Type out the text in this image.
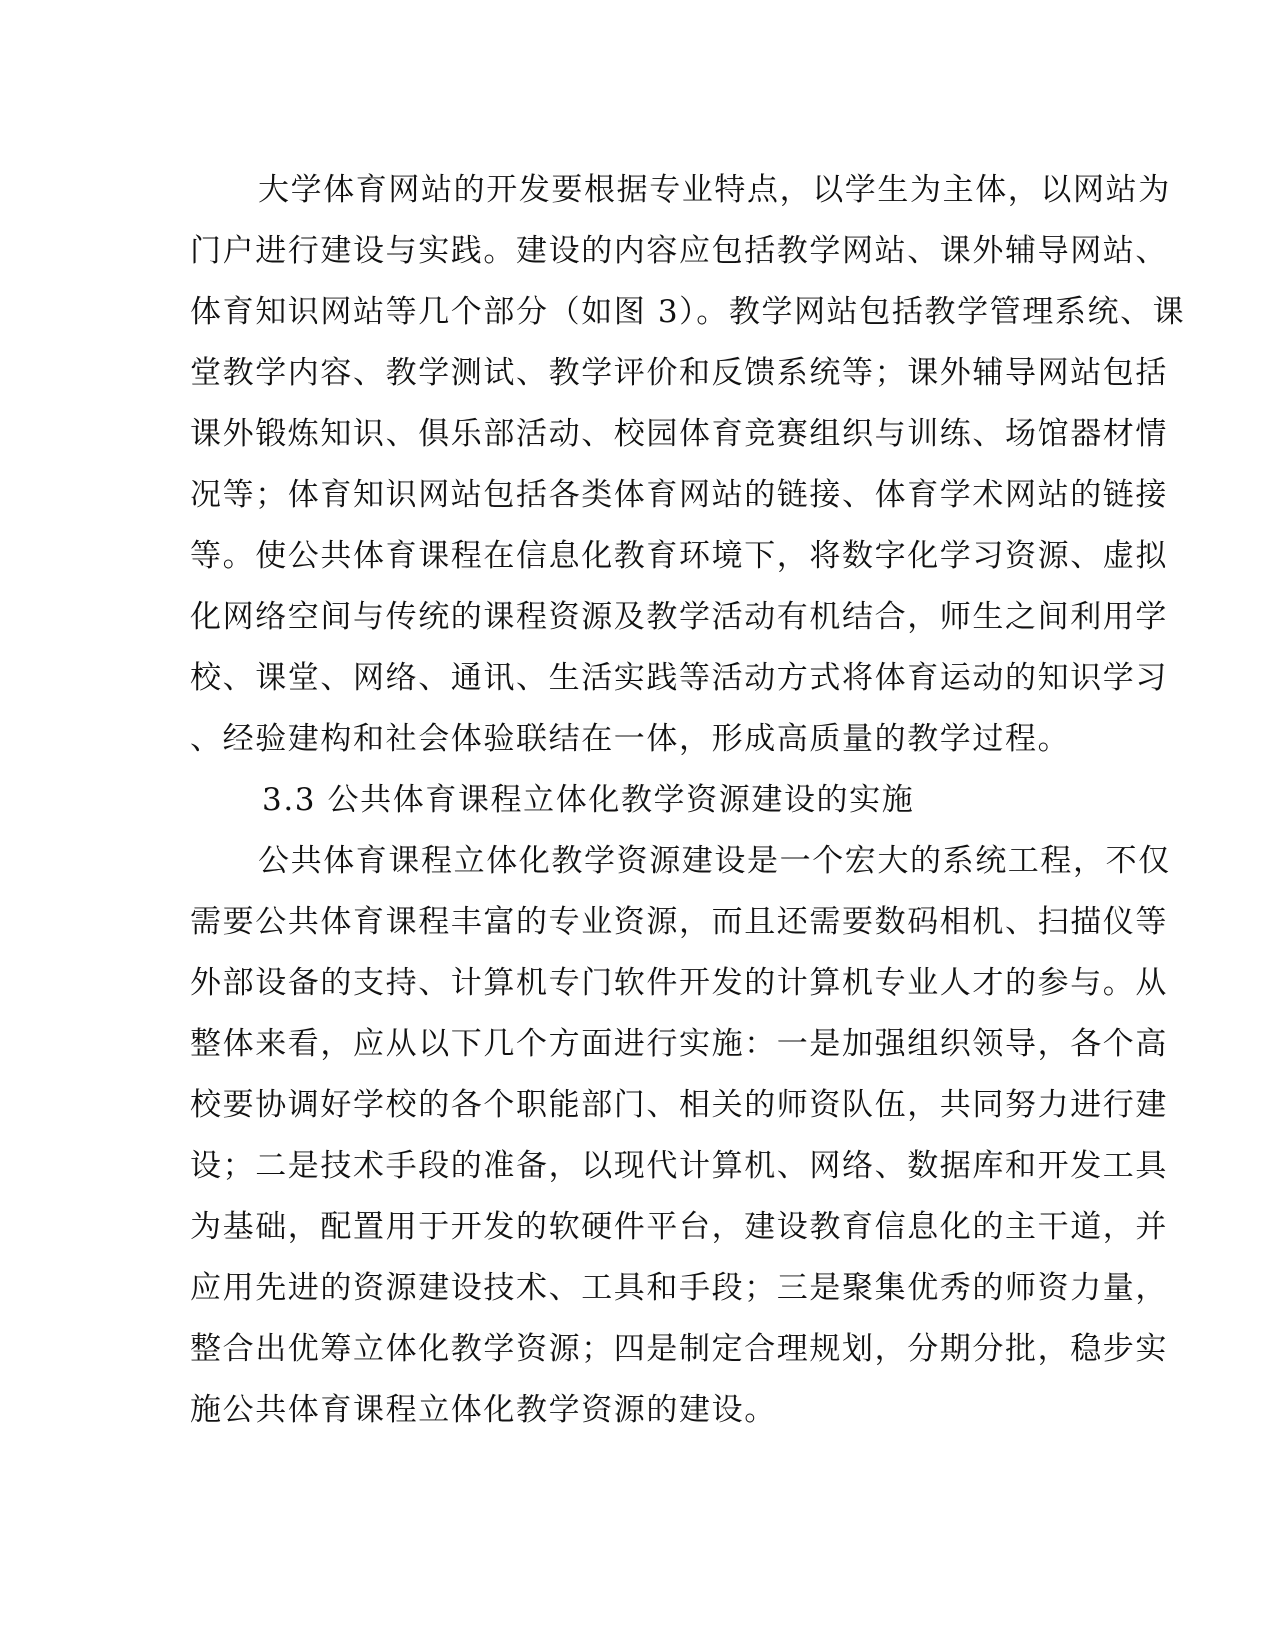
大学体育网站的开发要根据专业特点，以学生为主体，以网站为
门户进行建设与实践。建设的内容应包括教学网站、课外辅导网站、
体育知识网站等几个部分（如图 3）。教学网站包括教学管理系统、课
堂教学内容、教学测试、教学评价和反馈系统等；课外辅导网站包括
课外锻炼知识、俱乐部活动、校园体育竞赛组织与训练、场馆器材情
况等；体育知识网站包括各类体育网站的链接、体育学术网站的链接
等。使公共体育课程在信息化教育环境下，将数字化学习资源、虚拟
化网络空间与传统的课程资源及教学活动有机结合，师生之间利用学
校、课堂、网络、通讯、生活实践等活动方式将体育运动的知识学习
、经验建构和社会体验联结在一体，形成高质量的教学过程。
3.3 公共体育课程立体化教学资源建设的实施
公共体育课程立体化教学资源建设是一个宏大的系统工程，不仅
需要公共体育课程丰富的专业资源，而且还需要数码相机、扫描仪等
外部设备的支持、计算机专门软件开发的计算机专业人才的参与。从
整体来看，应从以下几个方面进行实施：一是加强组织领导，各个高
校要协调好学校的各个职能部门、相关的师资队伍，共同努力进行建
设；二是技术手段的准备，以现代计算机、网络、数据库和开发工具
为基础，配置用于开发的软硬件平台，建设教育信息化的主干道，并
应用先进的资源建设技术、工具和手段；三是聚集优秀的师资力量，
整合出优筹立体化教学资源；四是制定合理规划，分期分批，稳步实
施公共体育课程立体化教学资源的建设。
